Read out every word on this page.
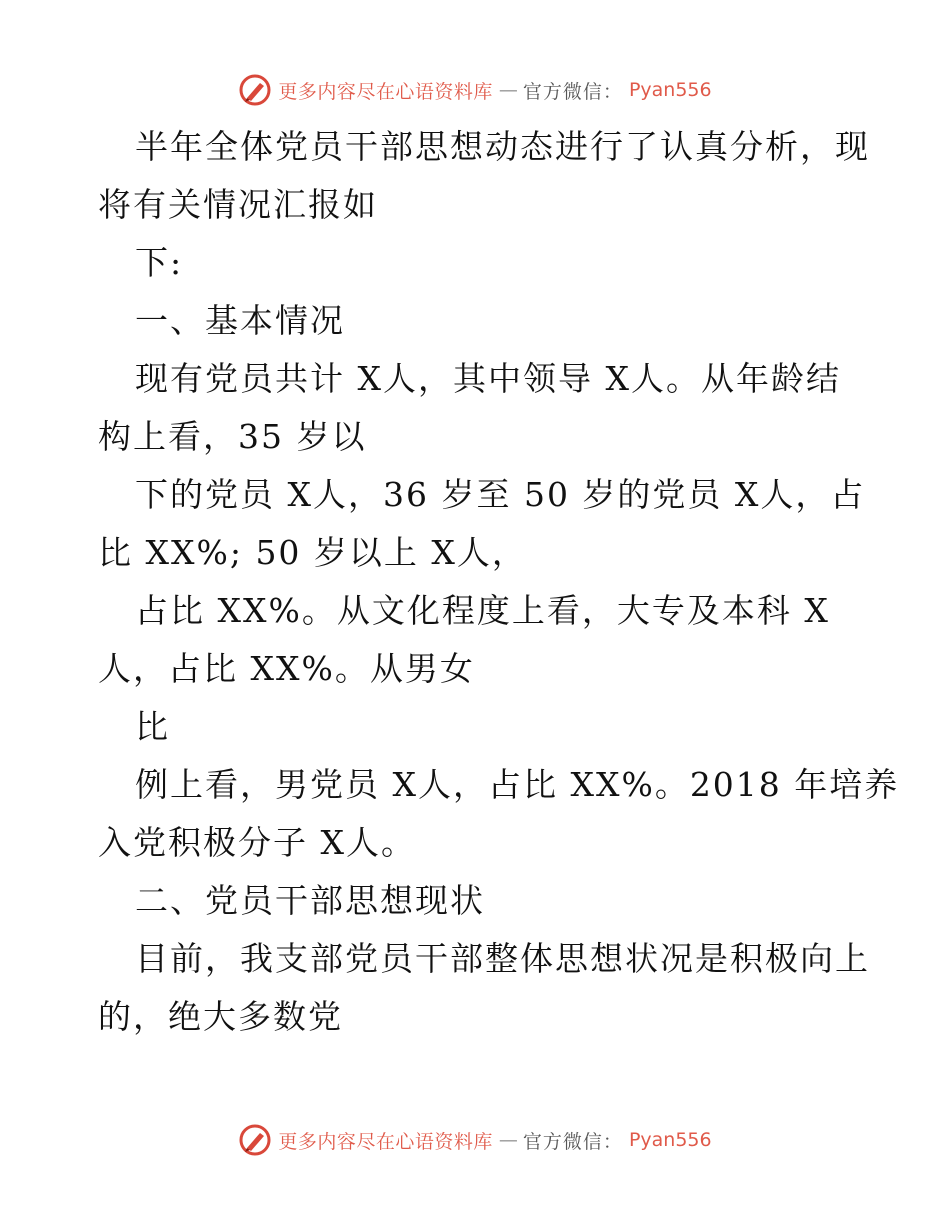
更多内容尽在心语资料库 — 官方微信： Pyan556
半年全体党员干部思想动态进行了认真分析，现
将有关情况汇报如
下:
一、基本情况
现有党员共计 X人，其中领导 X人。从年龄结
构上看，35 岁以
下的党员 X人，36 岁至 50 岁的党员 X人，占
比 XX%; 50 岁以上 X人，
占比 XX%。从文化程度上看，大专及本科 X
人，占比 XX%。从男女
比
例上看，男党员 X人，占比 XX%。2018 年培养
入党积极分子 X人。
二、党员干部思想现状
目前，我支部党员干部整体思想状况是积极向上
的，绝大多数党
更多内容尽在心语资料库 — 官方微信： Pyan556
